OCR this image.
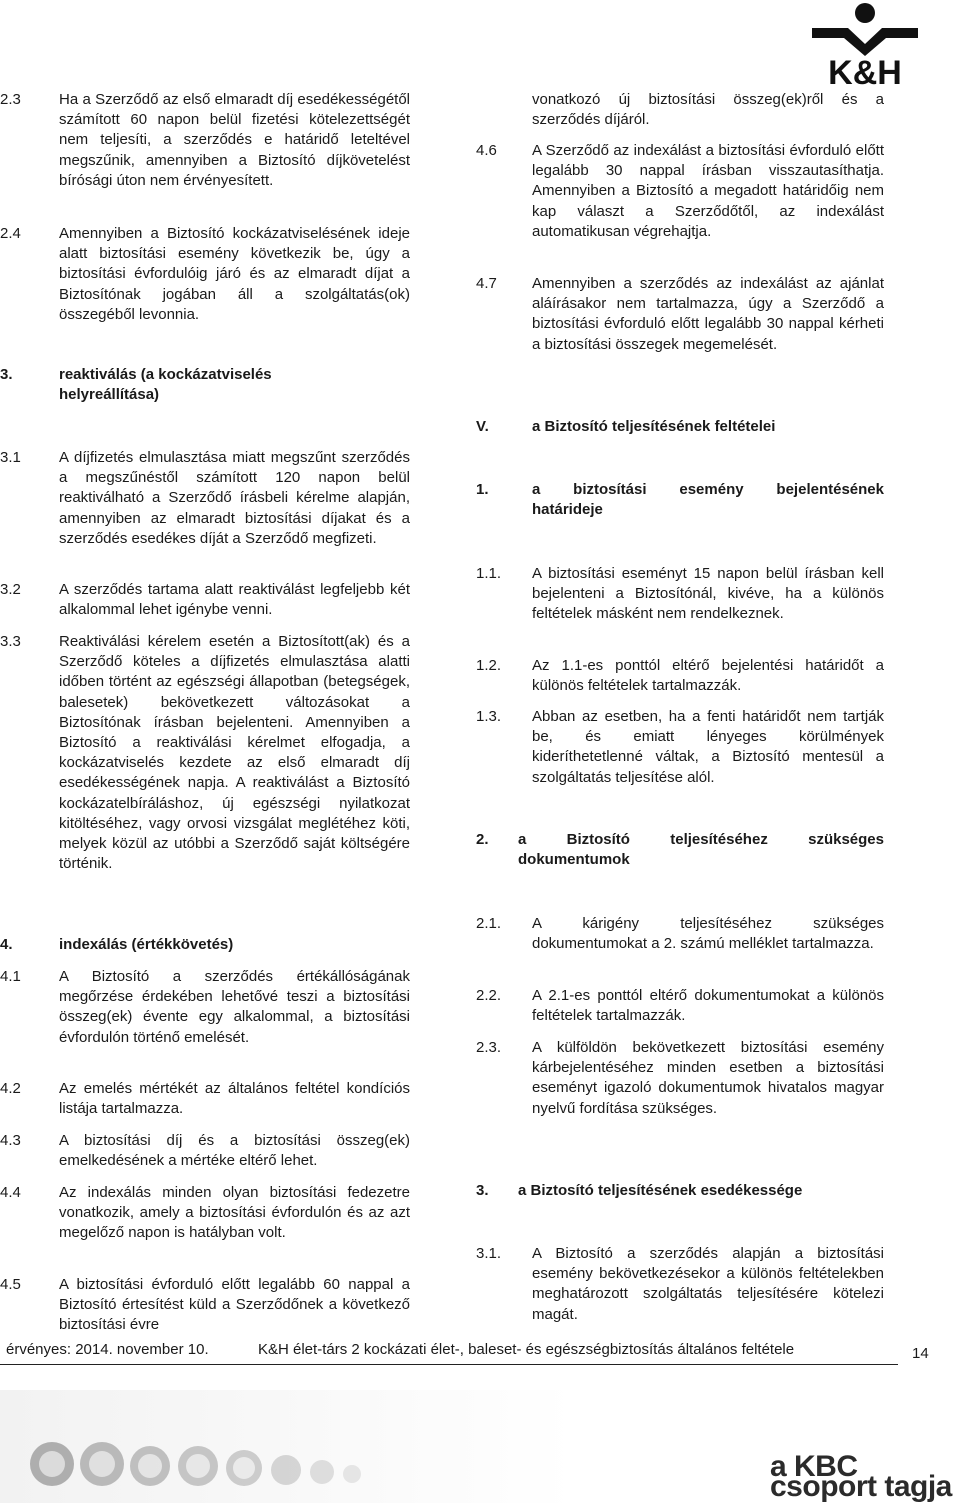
K&H
2.3	Ha a Szerződő az első elmaradt díj esedékességétől számított 60 napon belül fizetési kötelezettségét nem teljesíti, a szerződés e határidő leteltével megszűnik, amennyiben a Biztosító díjkövetelést bírósági úton nem érvényesített.
2.4	Amennyiben a Biztosító kockázatviselésének ideje alatt biztosítási esemény következik be, úgy a biztosítási évfordulóig járó és az elmaradt díjat a Biztosítónak jogában áll a szolgáltatás(ok) összegéből levonnia.
3.	reaktiválás (a kockázatviselés
helyreállítása)
3.1	A díjfizetés elmulasztása miatt megszűnt szerződés a megszűnéstől számított 120 napon belül reaktiválható a Szerződő írásbeli kérelme alapján, amennyiben az elmaradt biztosítási díjakat és a szerződés esedékes díját a Szerződő megfizeti.
3.2	A szerződés tartama alatt reaktiválást legfeljebb két alkalommal lehet igénybe venni.
3.3	Reaktiválási kérelem esetén a Biztosított(ak) és a Szerződő köteles a díjfizetés elmulasztása alatti időben történt az egészségi állapotban (betegségek, balesetek) bekövetkezett változásokat a Biztosítónak írásban bejelenteni. Amennyiben a Biztosító a reaktiválási kérelmet elfogadja, a kockázatviselés kezdete az első elmaradt díj esedékességének napja. A reaktiválást a Biztosító kockázatelbíráláshoz, új egészségi nyilatkozat kitöltéséhez, vagy orvosi vizsgálat meglétéhez köti, melyek közül az utóbbi a Szerződő saját költségére történik.
4.	indexálás (értékkövetés)
4.1	A Biztosító a szerződés értékállóságának megőrzése érdekében lehetővé teszi a biztosítási összeg(ek) évente egy alkalommal, a biztosítási évfordulón történő emelését.
4.2	Az emelés mértékét az általános feltétel kondíciós listája tartalmazza.
4.3	A biztosítási díj és a biztosítási összeg(ek) emelkedésének a mértéke eltérő lehet.
4.4	Az indexálás minden olyan biztosítási fedezetre vonatkozik, amely a biztosítási évfordulón és az azt megelőző napon is hatályban volt.
4.5	A biztosítási évforduló előtt legalább 60 nappal a Biztosító értesítést küld a Szerződőnek a következő biztosítási évre
vonatkozó új biztosítási összeg(ek)ről és a szerződés díjáról.
4.6 A Szerződő az indexálást a biztosítási évforduló előtt legalább 30 nappal írásban visszautasíthatja. Amennyiben a Biztosító a megadott határidőig nem kap választ a Szerződőtől, az indexálást automatikusan végrehajtja.
4.7 Amennyiben a szerződés az indexálást az ajánlat aláírásakor nem tartalmazza, úgy a Szerződő a biztosítási évforduló előtt legalább 30 nappal kérheti a biztosítási összegek megemelését.
V.	a Biztosító teljesítésének feltételei
1.	a biztosítási esemény bejelentésének
határideje
1.1. A biztosítási eseményt 15 napon belül írásban kell bejelenteni a Biztosítónál, kivéve, ha a különös feltételek másként nem rendelkeznek.
1.2. Az 1.1-es ponttól eltérő bejelentési határidőt a különös feltételek tartalmazzák.
1.3. Abban az esetben, ha a fenti határidőt nem tartják be, és emiatt lényeges körülmények kideríthetetlenné váltak, a Biztosító mentesül a szolgáltatás teljesítése alól.
2. a Biztosító teljesítéséhez szükséges
dokumentumok
2.1. A kárigény teljesítéséhez szükséges dokumentumokat a 2. számú melléklet tartalmazza.
2.2. A 2.1-es ponttól eltérő dokumentumokat a különös feltételek tartalmazzák.
2.3. A külföldön bekövetkezett biztosítási esemény kárbejelentéséhez minden esetben a biztosítási eseményt igazoló dokumentumok hivatalos magyar nyelvű fordítása szükséges.
3. a Biztosító teljesítésének esedékessége
3.1. A Biztosító a szerződés alapján a biztosítási esemény bekövetkezésekor a különös feltételekben meghatározott szolgáltatás teljesítésére kötelezi magát.
érvényes: 2014. november 10.	K&H élet-társ 2 kockázati élet-, baleset- és egészségbiztosítás általános feltétele	14
a KBC csoport tagja
